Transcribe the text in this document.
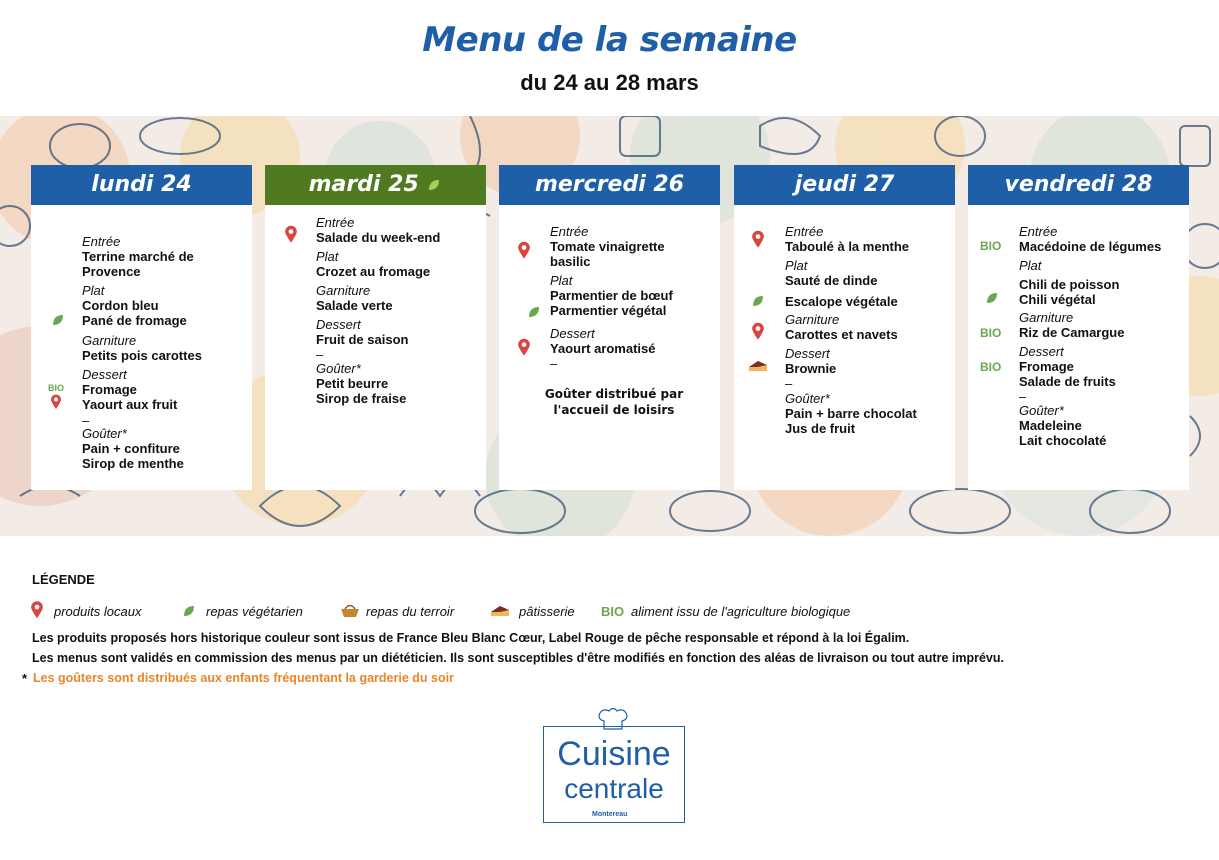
Menu de la semaine
du 24 au 28 mars
lundi 24
Entrée
Terrine marché de Provence
Plat
Cordon bleu
Pané de fromage
Garniture
Petits pois carottes
Dessert
Fromage
Yaourt aux fruit
BIO
–
Goûter*
Pain + confiture
Sirop de menthe
mardi 25
Entrée
Salade du week-end
Plat
Crozet au fromage
Garniture
Salade verte
Dessert
Fruit de saison
–
Goûter*
Petit beurre
Sirop de fraise
mercredi 26
Entrée
Tomate vinaigrette basilic
Plat
Parmentier de bœuf
Parmentier végétal
Dessert
Yaourt aromatisé
–
Goûter distribué par l'accueil de loisirs
jeudi 27
Entrée
Taboulé à la menthe
Plat
Sauté de dinde
Escalope végétale
Garniture
Carottes et navets
Dessert
Brownie
–
Goûter*
Pain + barre chocolat
Jus de fruit
vendredi 28
BIO
Entrée
Macédoine de légumes
Plat
Chili de poisson
Chili végétal
BIO
Garniture
Riz de Camargue
BIO
Dessert
Fromage
Salade de fruits
–
Goûter*
Madeleine
Lait chocolaté
LÉGENDE
produits locaux	repas végétarien	repas du terroir	pâtisserie BIO aliment issu de l'agriculture biologique
Les produits proposés hors historique couleur sont issus de France Bleu Blanc Cœur, Label Rouge de pêche responsable et répond à la loi Égalim.
Les menus sont validés en commission des menus par un diététicien. Ils sont susceptibles d'être modifiés en fonction des aléas de livraison ou tout autre imprévu.
* Les goûters sont distribués aux enfants fréquentant la garderie du soir
Cuisine
centrale
Montereau
